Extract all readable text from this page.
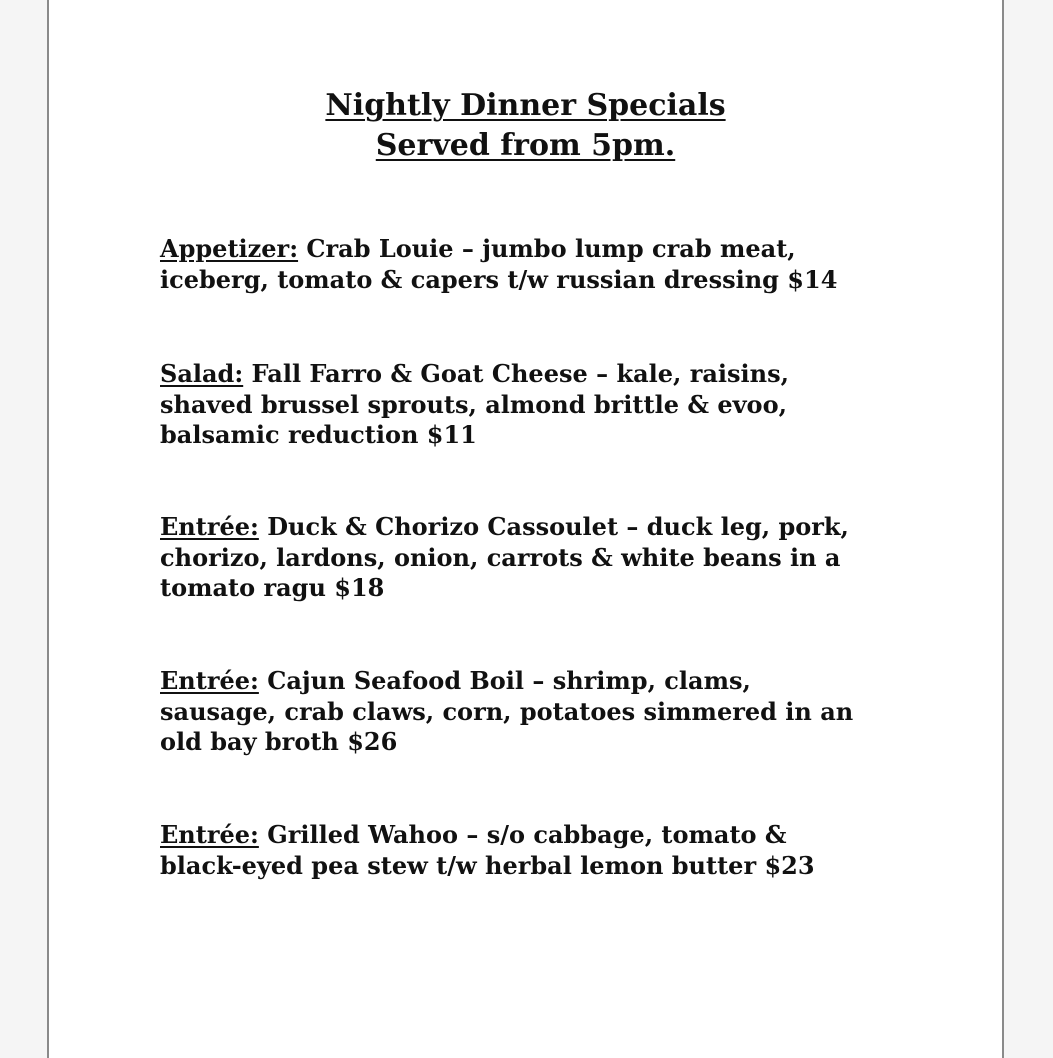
Nightly Dinner Specials
Served from 5pm.
Appetizer: Crab Louie – jumbo lump crab meat,
iceberg, tomato & capers t/w russian dressing $14
Salad: Fall Farro & Goat Cheese – kale, raisins,
shaved brussel sprouts, almond brittle & evoo,
balsamic reduction $11
Entrée: Duck & Chorizo Cassoulet – duck leg, pork,
chorizo, lardons, onion, carrots & white beans in a
tomato ragu $18
Entrée: Cajun Seafood Boil – shrimp, clams,
sausage, crab claws, corn, potatoes simmered in an
old bay broth $26
Entrée: Grilled Wahoo – s/o cabbage, tomato &
black-eyed pea stew t/w herbal lemon butter $23
